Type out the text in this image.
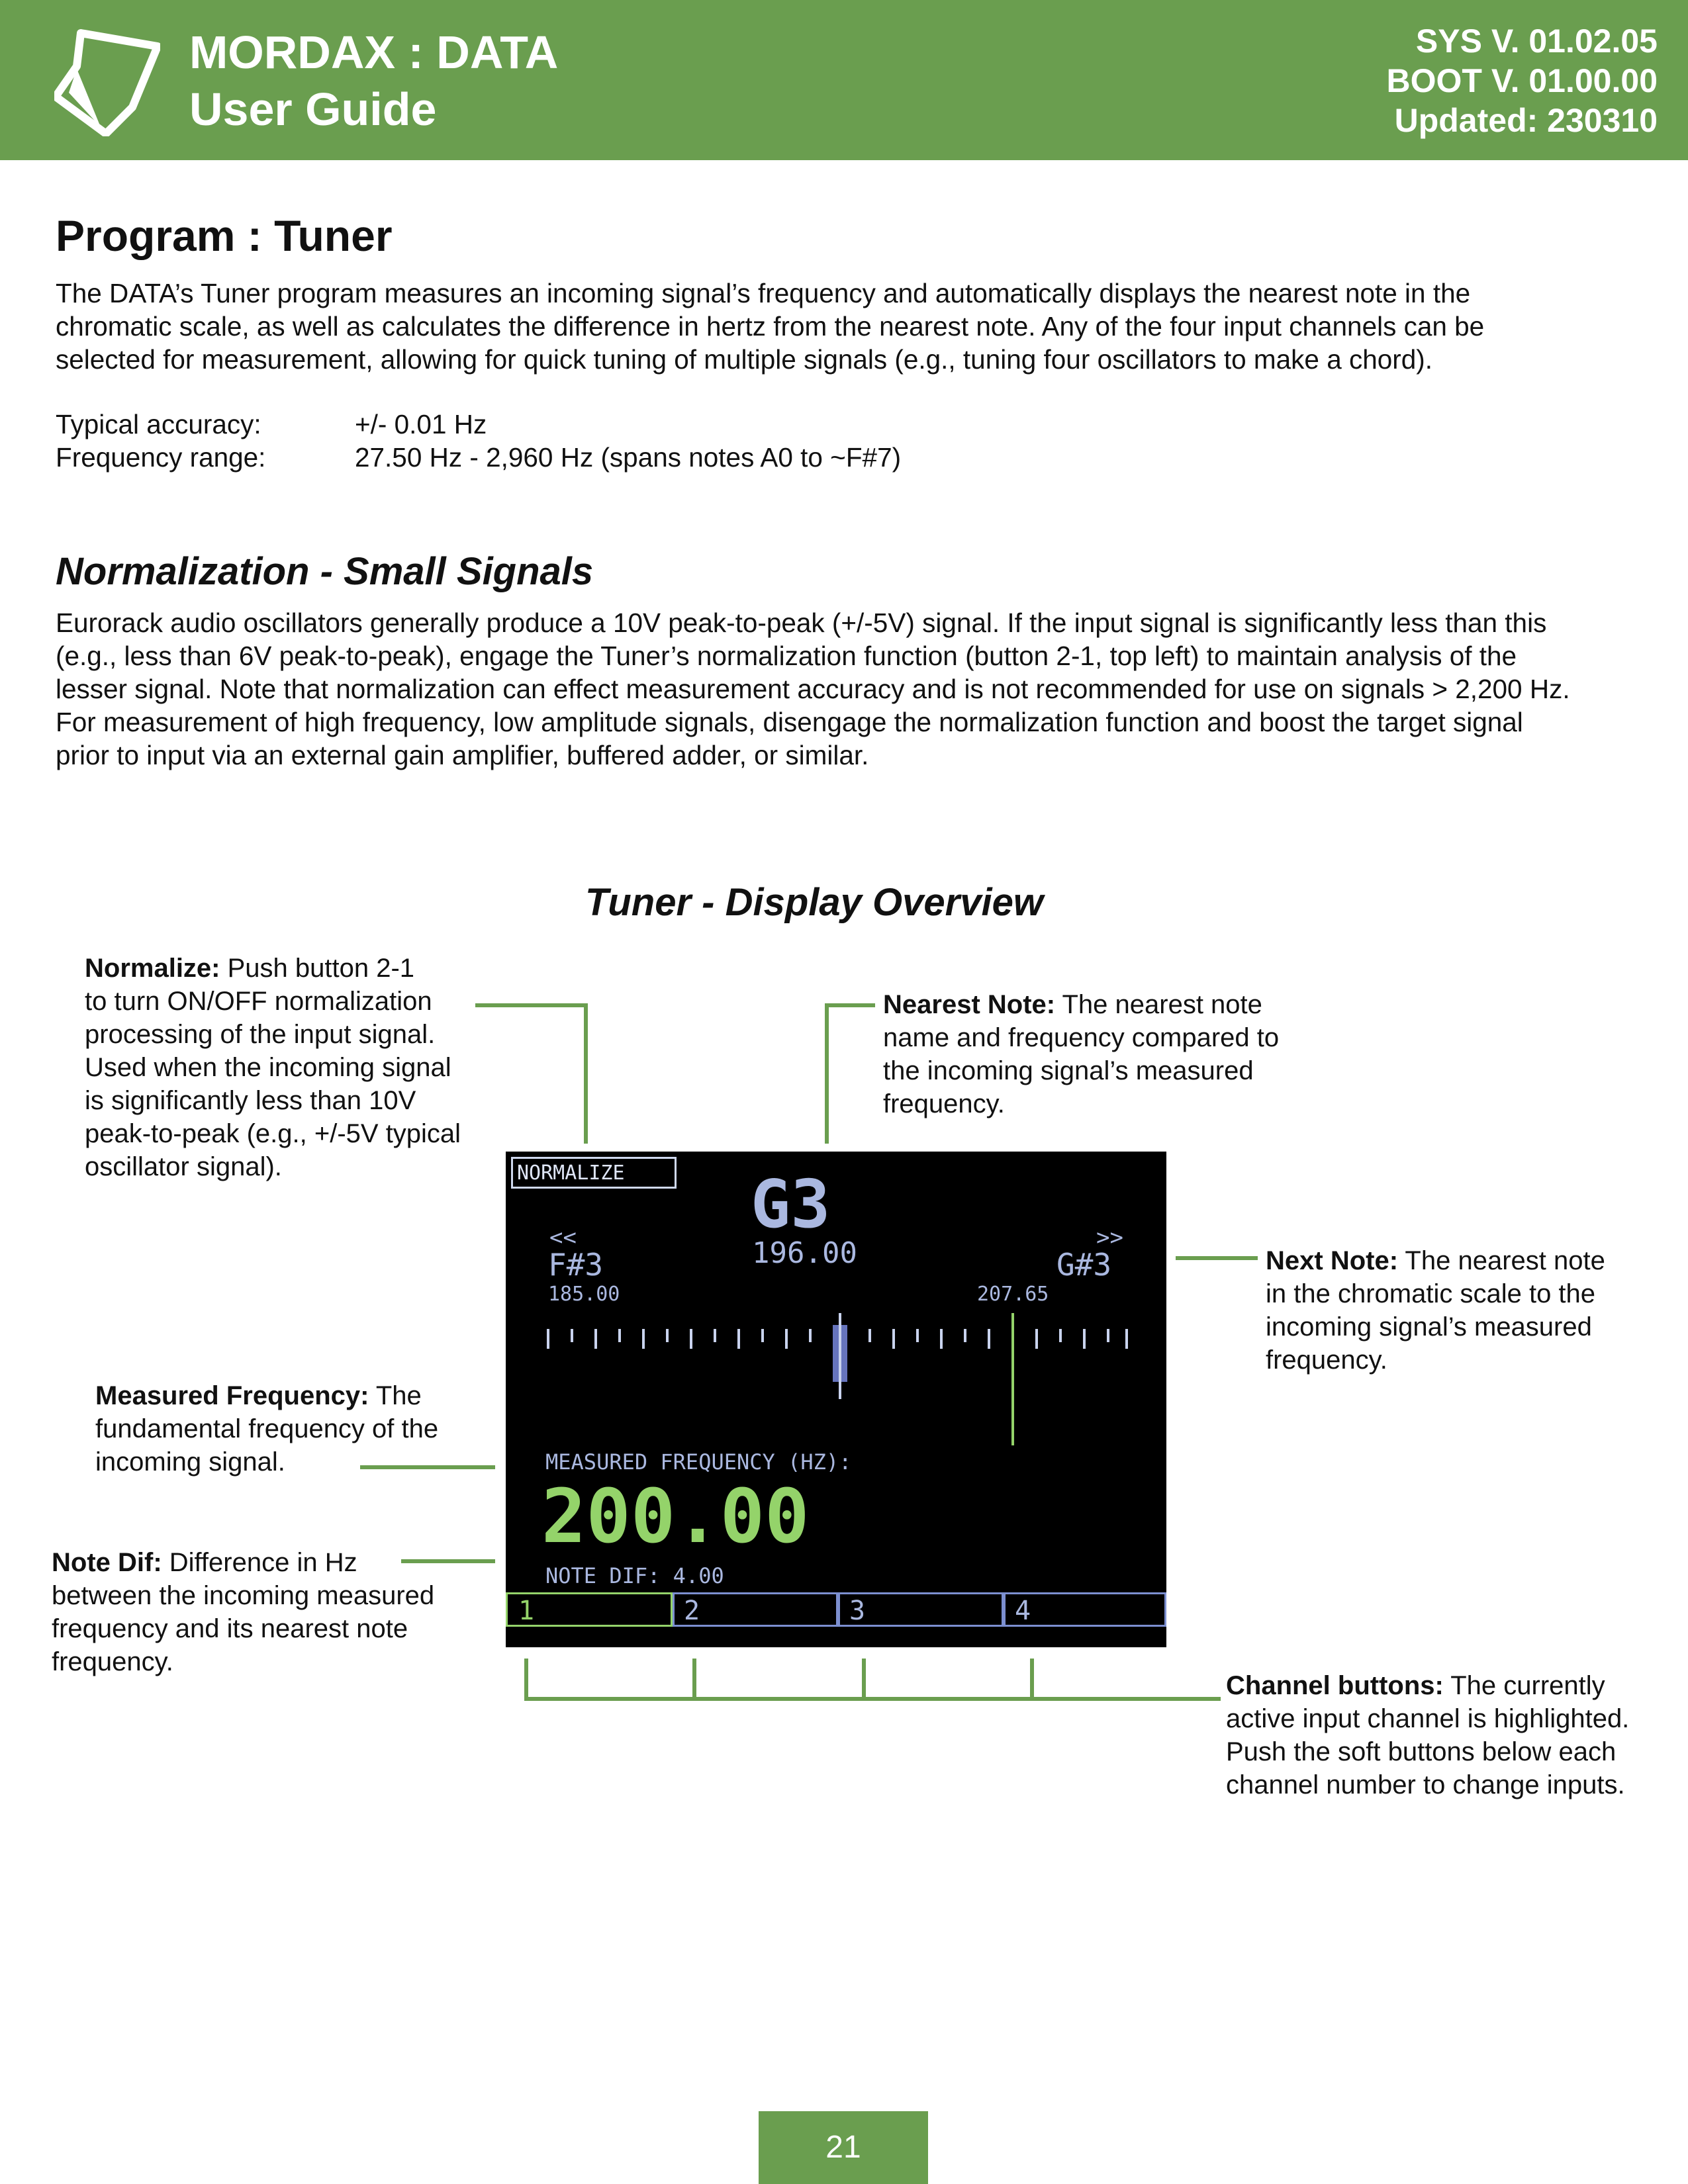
MORDAX : DATA
User Guide
SYS V. 01.02.05
BOOT V. 01.00.00
Updated: 230310
Program : Tuner
The DATA’s Tuner program measures an incoming signal’s frequency and automatically displays the nearest note in the
chromatic scale, as well as calculates the difference in hertz from the nearest note. Any of the four input channels can be
selected for measurement, allowing for quick tuning of multiple signals (e.g., tuning four oscillators to make a chord).
Typical accuracy:	+/- 0.01 Hz
Frequency range:	27.50 Hz - 2,960 Hz (spans notes A0 to ~F#7)
Normalization - Small Signals
Eurorack audio oscillators generally produce a 10V peak-to-peak (+/-5V) signal. If the input signal is significantly less than this
(e.g., less than 6V peak-to-peak), engage the Tuner’s normalization function (button 2-1, top left) to maintain analysis of the
lesser signal. Note that normalization can effect measurement accuracy and is not recommended for use on signals > 2,200 Hz.
For measurement of high frequency, low amplitude signals, disengage the normalization function and boost the target signal
prior to input via an external gain amplifier, buffered adder, or similar.
Tuner - Display Overview
Normalize: Push button 2-1
to turn ON/OFF normalization
processing of the input signal.
Used when the incoming signal
is significantly less than 10V
peak-to-peak (e.g., +/-5V typical
oscillator signal).
Nearest Note: The nearest note
name and frequency compared to
the incoming signal’s measured
frequency.
Next Note: The nearest note
in the chromatic scale to the
incoming signal’s measured
frequency.
Measured Frequency: The
fundamental frequency of the
incoming signal.
Note Dif: Difference in Hz
between the incoming measured
frequency and its nearest note
frequency.
Channel buttons: The currently
active input channel is highlighted.
Push the soft buttons below each
channel number to change inputs.
NORMALIZE G3
196.00
<<
F#3
185.00
>>
G#3
207.65
MEASURED FREQUENCY (HZ):
200.00
NOTE DIF: 4.00
1	2	3	4
21
